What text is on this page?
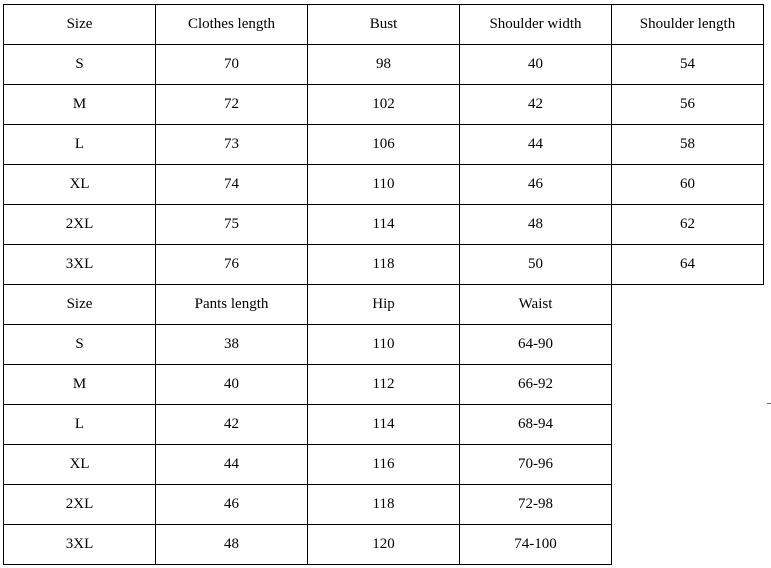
Size	Clothes length	Bust	Shoulder width	Shoulder length
S	70	98	40	54
M	72	102	42	56
L	73	106	44	58
XL	74	110	46	60
2XL	75	114	48	62
3XL	76	118	50	64
Size	Pants length	Hip	Waist	
S	38	110	64-90	
M	40	112	66-92	
L	42	114	68-94	
XL	44	116	70-96	
2XL	46	118	72-98	
3XL	48	120	74-100	
